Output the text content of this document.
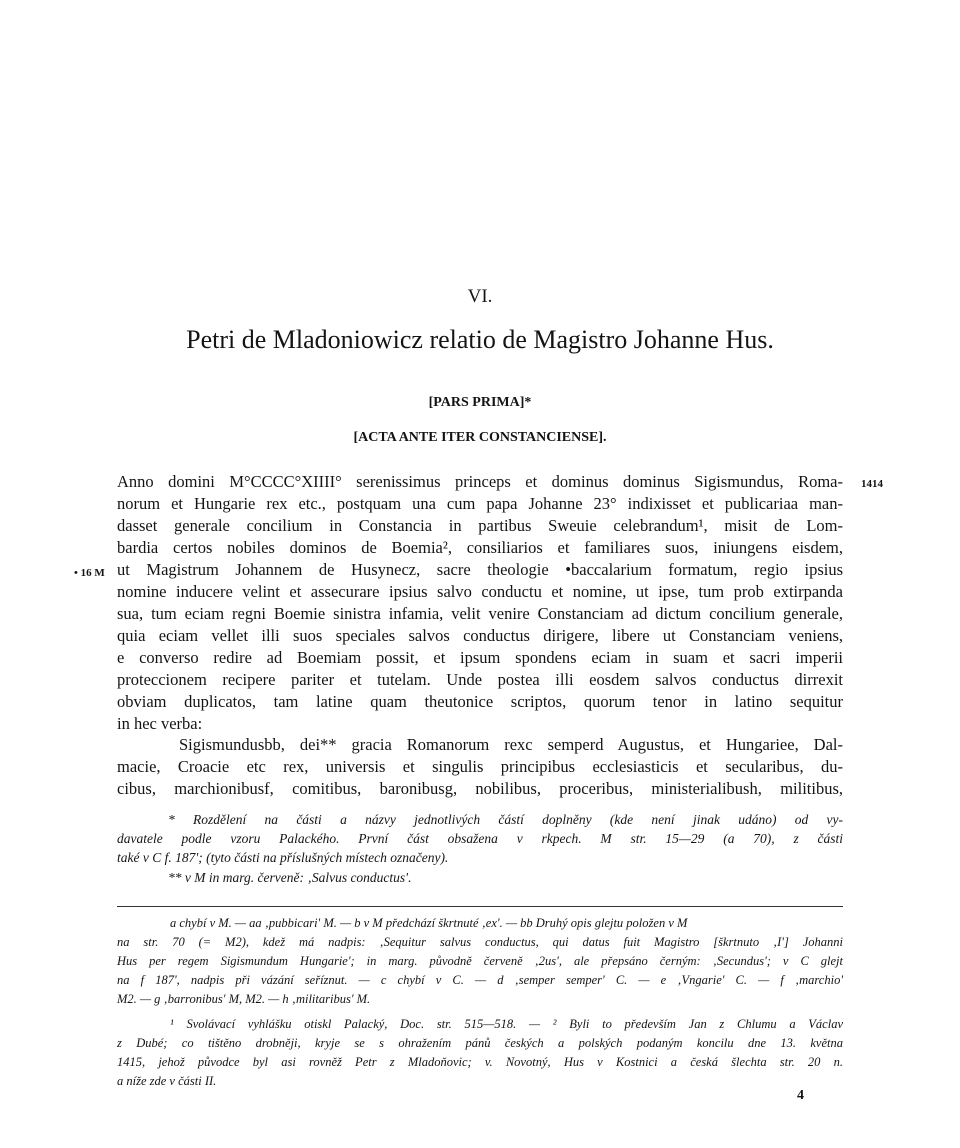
VI.
Petri de Mladoniowicz relatio de Magistro Johanne Hus.
[PARS PRIMA]*
[ACTA ANTE ITER CONSTANCIENSE].
1414
• 16 M
Anno domini M°CCCC°XIIII° serenissimus princeps et dominus dominus Sigismundus, Roma-
norum et Hungarie rex etc., postquam una cum papa Johanne 23° indixisset et publicariaa man-
dasset generale concilium in Constancia in partibus Sweuie celebrandum¹, misit de Lom-
bardia certos nobiles dominos de Boemia², consiliarios et familiares suos, iniungens eisdem,
ut Magistrum Johannem de Husynecz, sacre theologie •baccalarium formatum, regio ipsius
nomine inducere velint et assecurare ipsius salvo conductu et nomine, ut ipse, tum prob extirpanda
sua, tum eciam regni Boemie sinistra infamia, velit venire Constanciam ad dictum concilium generale,
quia eciam vellet illi suos speciales salvos conductus dirigere, libere ut Constanciam veniens,
e converso redire ad Boemiam possit, et ipsum spondens eciam in suam et sacri imperii
proteccionem recipere pariter et tutelam. Unde postea illi eosdem salvos conductus dirrexit
obviam duplicatos, tam latine quam theutonice scriptos, quorum tenor in latino sequitur
in hec verba:
Sigismundusbb, dei** gracia Romanorum rexc semperd Augustus, et Hungariee, Dal-
macie, Croacie etc rex, universis et singulis principibus ecclesiasticis et secularibus, du-
cibus, marchionibusf, comitibus, baronibusg, nobilibus, proceribus, ministerialibush, militibus,
* Rozdělení na části a názvy jednotlivých částí doplněny (kde není jinak udáno) od vy-
davatele podle vzoru Palackého. První část obsažena v rkpech. M str. 15—29 (a 70), z části
také v C f. 187'; (tyto části na příslušných místech označeny).
** v M in marg. červeně: ‚Salvus conductus'.
a chybí v M. — aa ‚pubbicari' M. — b v M předchází škrtnuté ‚ex'. — bb Druhý opis glejtu položen v M
na str. 70 (= M2), kdež má nadpis: ‚Sequitur salvus conductus, qui datus fuit Magistro [škrtnuto ‚I'] Johanni
Hus per regem Sigismundum Hungarie'; in marg. původně červeně ‚2us', ale přepsáno černým: ‚Secundus'; v C glejt
na f 187', nadpis při vázání seříznut. — c chybí v C. — d ‚semper semper' C. — e ‚Vngarie' C. — f ‚marchio'
M2. — g ‚barronibus' M, M2. — h ‚militaribus' M.
¹ Svolávací vyhlášku otiskl Palacký, Doc. str. 515—518. — ² Byli to především Jan z Chlumu a Václav
z Dubé; co tištěno drobněji, kryje se s ohražením pánů českých a polských podaným koncilu dne 13. května
1415, jehož původce byl asi rovněž Petr z Mladoňovic; v. Novotný, Hus v Kostnici a česká šlechta str. 20 n.
a níže zde v části II.
4
